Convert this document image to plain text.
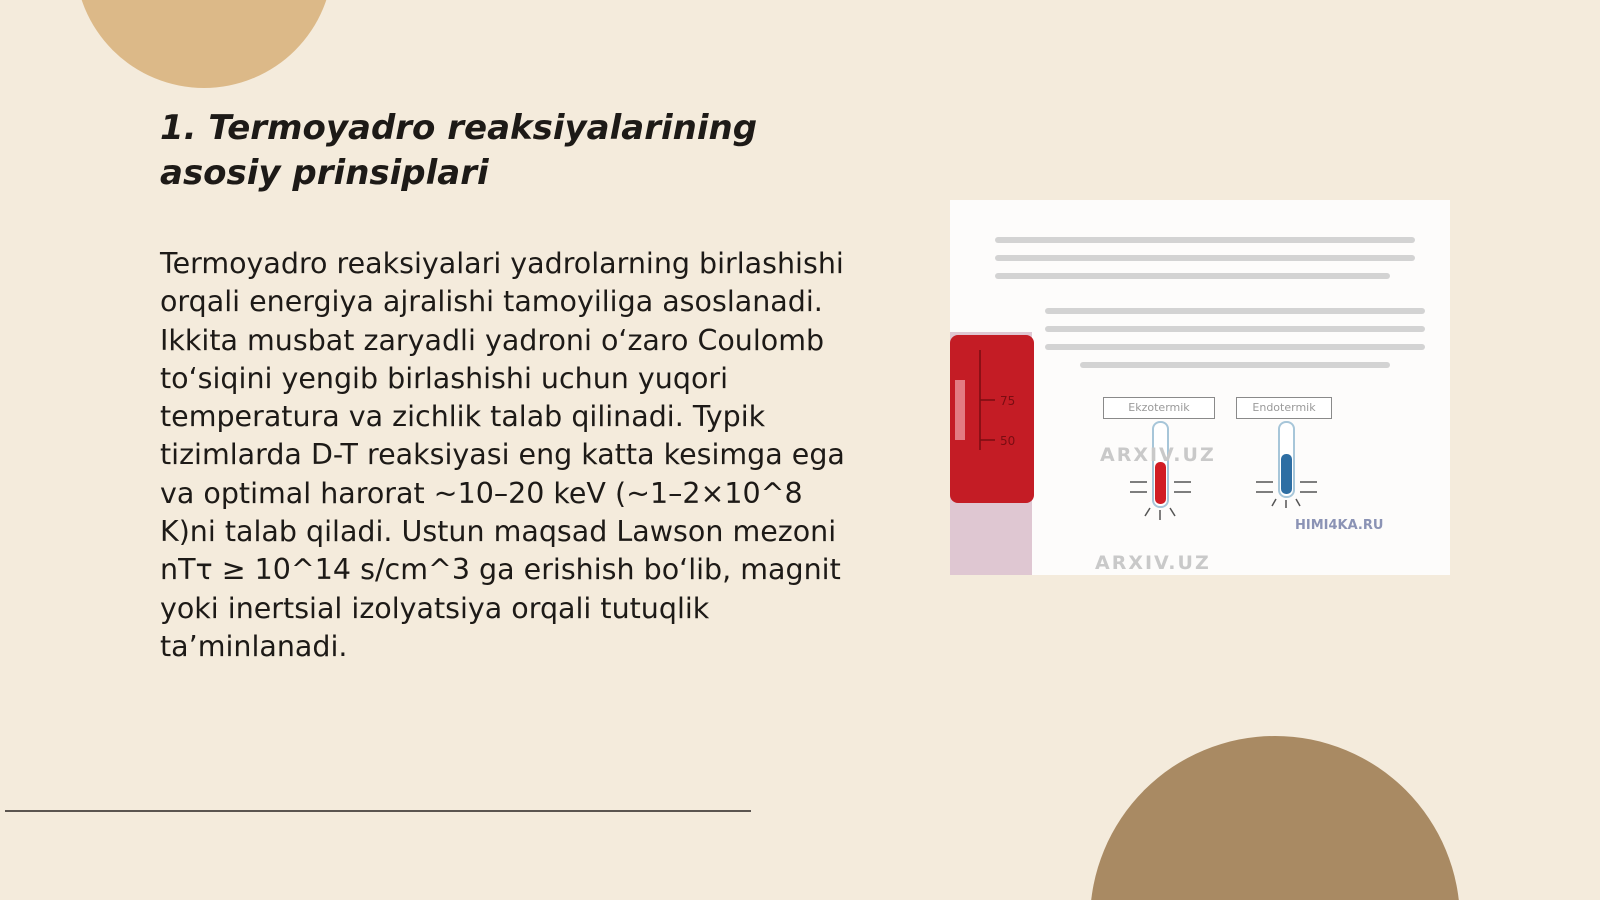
1. Termoyadro reaksiyalarining asosiy prinsiplari

Termoyadro reaksiyalari yadrolarning birlashishi orqali energiya ajralishi tamoyiliga asoslanadi. Ikkita musbat zaryadli yadroni o‘zaro Coulomb to‘siqini yengib birlashishi uchun yuqori temperatura va zichlik talab qilinadi. Typik tizimlarda D-T reaksiyasi eng katta kesimga ega va optimal harorat ~10–20 keV (~1–2×10^8 K)ni talab qiladi. Ustun maqsad Lawson mezoni nTτ ≥ 10^14 s/cm^3 ga erishish bo‘lib, magnit yoki inertsial izolyatsiya orqali tutuqlik ta’minlanadi.

75
50
Ekzotermik	Endotermik
ARXIV.UZ
ARXIV.UZ
HIMI4KA.RU
